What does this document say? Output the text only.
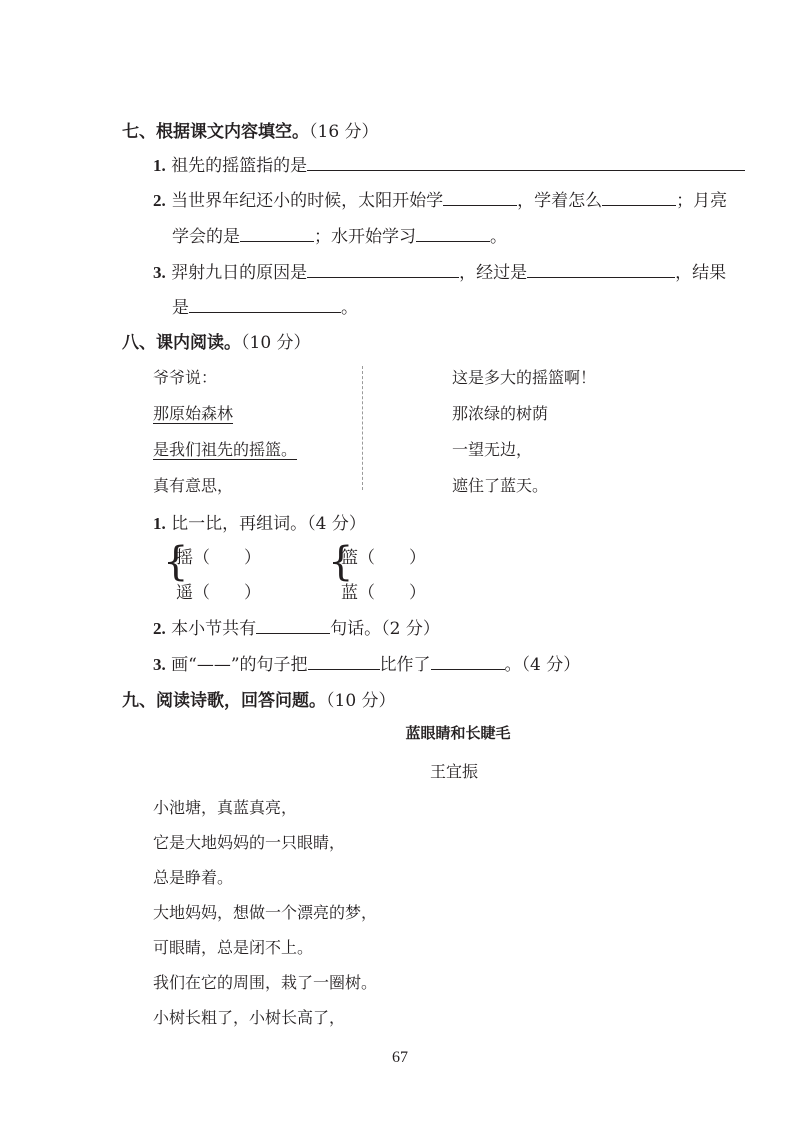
七、根据课文内容填空。（16 分）
1. 祖先的摇篮指的是
2. 当世界年纪还小的时候，太阳开始学	，学着怎么	；月亮
学会的是	；水开始学习	。
3. 羿射九日的原因是	，经过是	，结果
是	。
八、课内阅读。（10 分）
爷爷说：
那原始森林
是我们祖先的摇篮。
真有意思，
这是多大的摇篮啊！
那浓绿的树荫
一望无边，
遮住了蓝天。
1. 比一比，再组词。（4 分）
{
摇（　　）
遥（　　）
{
篮（　　）
蓝（　　）
2. 本小节共有	句话。（2 分）
3. 画“——”的句子把	比作了	。（4 分）
九、阅读诗歌，回答问题。（10 分）
蓝眼睛和长睫毛
王宜振
小池塘，真蓝真亮，
它是大地妈妈的一只眼睛，
总是睁着。
大地妈妈，想做一个漂亮的梦，
可眼睛，总是闭不上。
我们在它的周围，栽了一圈树。
小树长粗了，小树长高了，
67
